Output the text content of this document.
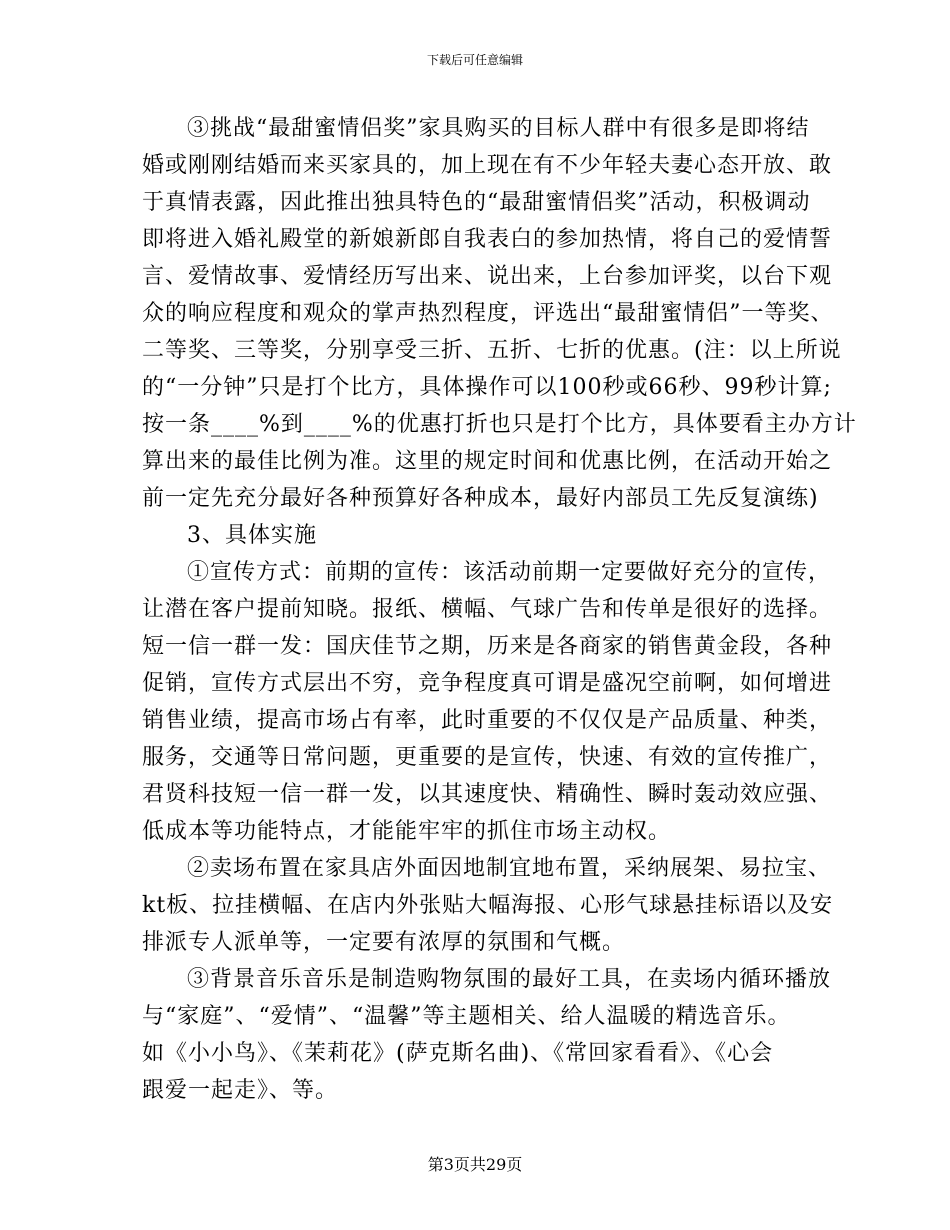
下载后可任意编辑
③挑战“最甜蜜情侣奖”家具购买的目标人群中有很多是即将结
婚或刚刚结婚而来买家具的，加上现在有不少年轻夫妻心态开放、敢
于真情表露，因此推出独具特色的“最甜蜜情侣奖”活动，积极调动
即将进入婚礼殿堂的新娘新郎自我表白的参加热情，将自己的爱情誓
言、爱情故事、爱情经历写出来、说出来，上台参加评奖，以台下观
众的响应程度和观众的掌声热烈程度，评选出“最甜蜜情侣”一等奖、
二等奖、三等奖，分别享受三折、五折、七折的优惠。(注：以上所说
的“一分钟”只是打个比方，具体操作可以100秒或66秒、99秒计算;
按一条____%到____%的优惠打折也只是打个比方，具体要看主办方计
算出来的最佳比例为准。这里的规定时间和优惠比例，在活动开始之
前一定先充分最好各种预算好各种成本，最好内部员工先反复演练)
3、具体实施
①宣传方式：前期的宣传：该活动前期一定要做好充分的宣传，
让潜在客户提前知晓。报纸、横幅、气球广告和传单是很好的选择。
短一信一群一发：国庆佳节之期，历来是各商家的销售黄金段，各种
促销，宣传方式层出不穷，竞争程度真可谓是盛况空前啊，如何增进
销售业绩，提高市场占有率，此时重要的不仅仅是产品质量、种类，
服务，交通等日常问题，更重要的是宣传，快速、有效的宣传推广，
君贤科技短一信一群一发，以其速度快、精确性、瞬时轰动效应强、
低成本等功能特点，才能能牢牢的抓住市场主动权。
②卖场布置在家具店外面因地制宜地布置，采纳展架、易拉宝、
kt板、拉挂横幅、在店内外张贴大幅海报、心形气球悬挂标语以及安
排派专人派单等，一定要有浓厚的氛围和气概。
③背景音乐音乐是制造购物氛围的最好工具，在卖场内循环播放
与“家庭”、“爱情”、“温馨”等主题相关、给人温暖的精选音乐。
如《小小鸟》、《茉莉花》(萨克斯名曲)、《常回家看看》、《心会
跟爱一起走》、等。
第3页共29页
